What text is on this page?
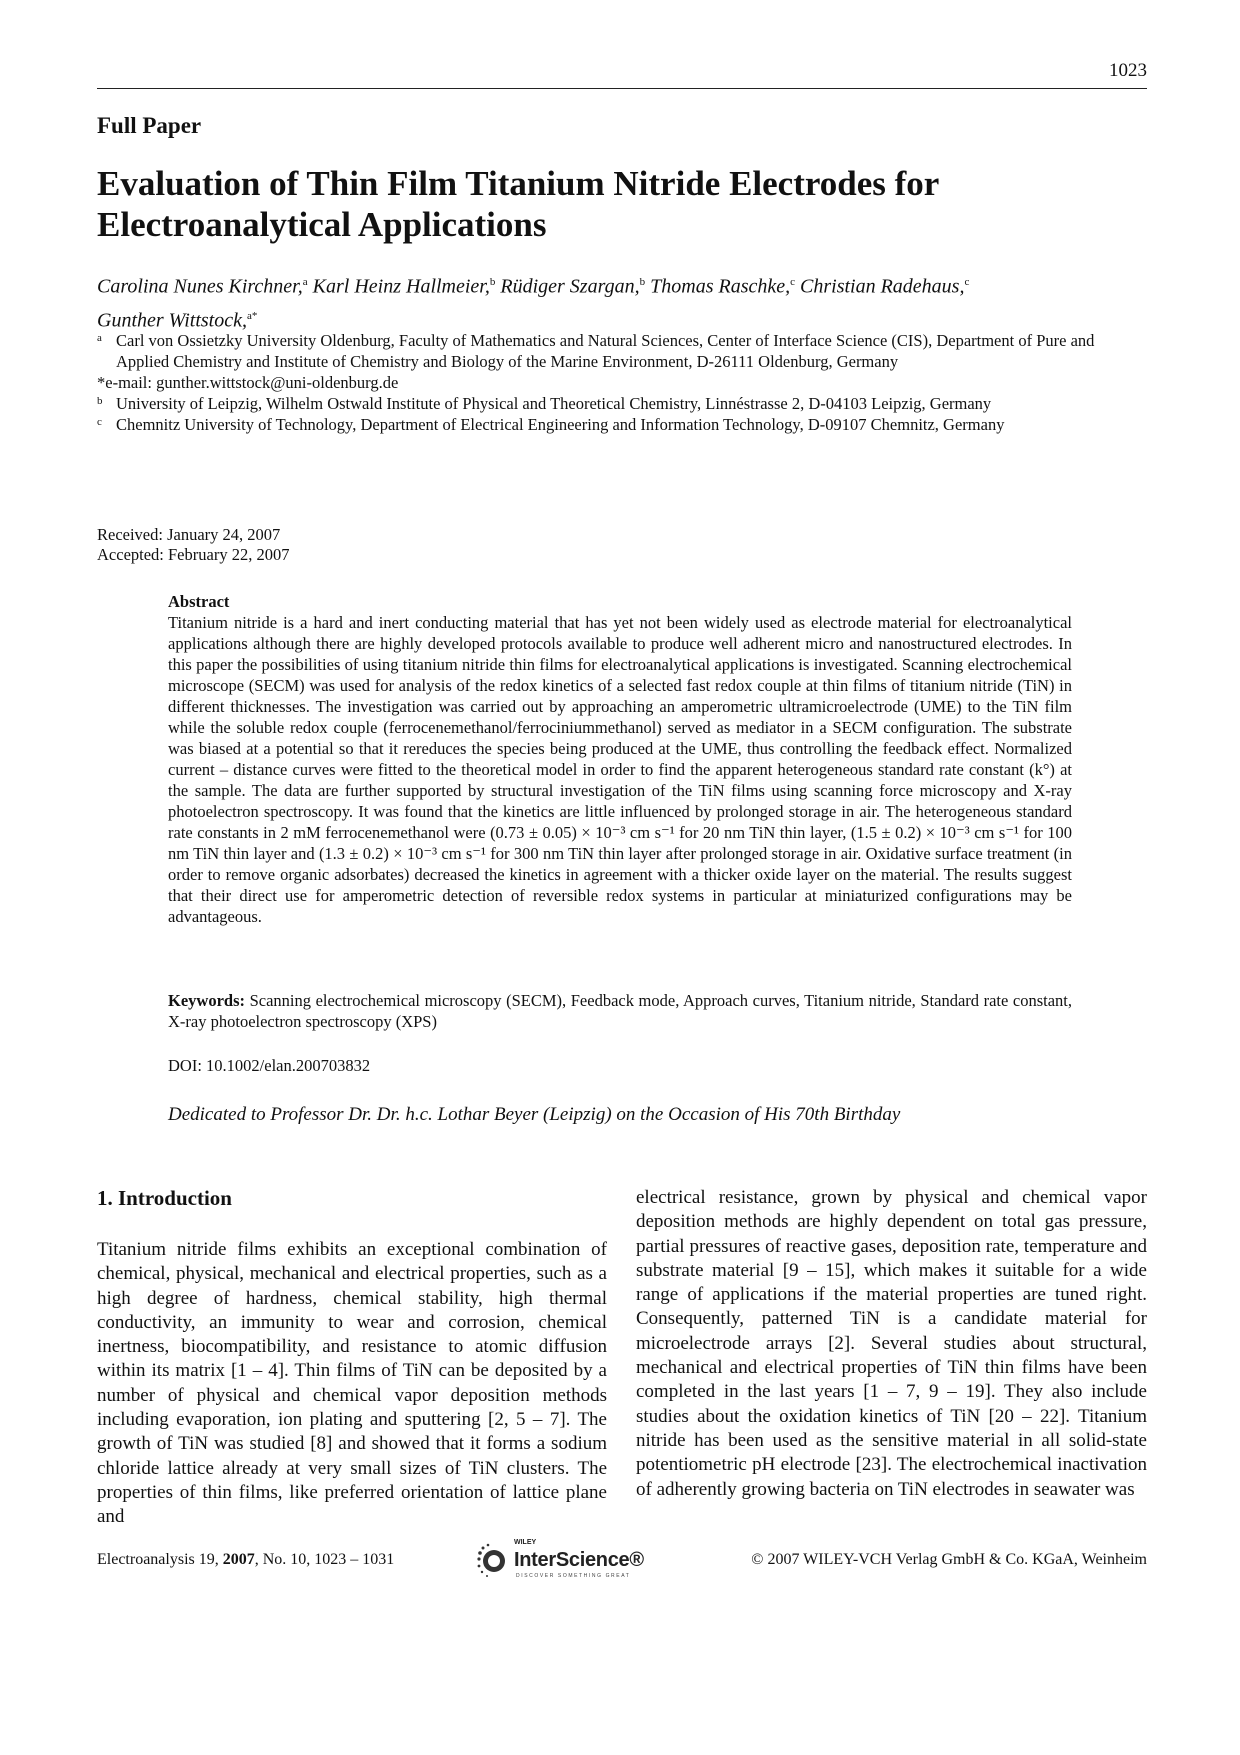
1023
Full Paper
Evaluation of Thin Film Titanium Nitride Electrodes for Electroanalytical Applications
Carolina Nunes Kirchner,$^a$ Karl Heinz Hallmeier,$^b$ Rüdiger Szargan,$^b$ Thomas Raschke,$^c$ Christian Radehaus,$^c$
Gunther Wittstock,$^{a*}$
a Carl von Ossietzky University Oldenburg, Faculty of Mathematics and Natural Sciences, Center of Interface Science (CIS), Department of Pure and Applied Chemistry and Institute of Chemistry and Biology of the Marine Environment, D-26111 Oldenburg, Germany
*e-mail: gunther.wittstock@uni-oldenburg.de
b University of Leipzig, Wilhelm Ostwald Institute of Physical and Theoretical Chemistry, Linnéstrasse 2, D-04103 Leipzig, Germany
c Chemnitz University of Technology, Department of Electrical Engineering and Information Technology, D-09107 Chemnitz, Germany
Received: January 24, 2007
Accepted: February 22, 2007
Abstract
Titanium nitride is a hard and inert conducting material that has yet not been widely used as electrode material for electroanalytical applications although there are highly developed protocols available to produce well adherent micro and nanostructured electrodes. In this paper the possibilities of using titanium nitride thin films for electroanalytical applications is investigated. Scanning electrochemical microscope (SECM) was used for analysis of the redox kinetics of a selected fast redox couple at thin films of titanium nitride (TiN) in different thicknesses. The investigation was carried out by approaching an amperometric ultramicroelectrode (UME) to the TiN film while the soluble redox couple (ferrocenemethanol/ferrociniummethanol) served as mediator in a SECM configuration. The substrate was biased at a potential so that it rereduces the species being produced at the UME, thus controlling the feedback effect. Normalized current – distance curves were fitted to the theoretical model in order to find the apparent heterogeneous standard rate constant (k°) at the sample. The data are further supported by structural investigation of the TiN films using scanning force microscopy and X-ray photoelectron spectroscopy. It was found that the kinetics are little influenced by prolonged storage in air. The heterogeneous standard rate constants in 2 mM ferrocenemethanol were (0.73 ± 0.05) × 10⁻³ cm s⁻¹ for 20 nm TiN thin layer, (1.5 ± 0.2) × 10⁻³ cm s⁻¹ for 100 nm TiN thin layer and (1.3 ± 0.2) × 10⁻³ cm s⁻¹ for 300 nm TiN thin layer after prolonged storage in air. Oxidative surface treatment (in order to remove organic adsorbates) decreased the kinetics in agreement with a thicker oxide layer on the material. The results suggest that their direct use for amperometric detection of reversible redox systems in particular at miniaturized configurations may be advantageous.
Keywords: Scanning electrochemical microscopy (SECM), Feedback mode, Approach curves, Titanium nitride, Standard rate constant, X-ray photoelectron spectroscopy (XPS)
DOI: 10.1002/elan.200703832
Dedicated to Professor Dr. Dr. h.c. Lothar Beyer (Leipzig) on the Occasion of His 70th Birthday
1. Introduction
Titanium nitride films exhibits an exceptional combination of chemical, physical, mechanical and electrical properties, such as a high degree of hardness, chemical stability, high thermal conductivity, an immunity to wear and corrosion, chemical inertness, biocompatibility, and resistance to atomic diffusion within its matrix [1 – 4]. Thin films of TiN can be deposited by a number of physical and chemical vapor deposition methods including evaporation, ion plating and sputtering [2, 5 – 7]. The growth of TiN was studied [8] and showed that it forms a sodium chloride lattice already at very small sizes of TiN clusters. The properties of thin films, like preferred orientation of lattice plane and
electrical resistance, grown by physical and chemical vapor deposition methods are highly dependent on total gas pressure, partial pressures of reactive gases, deposition rate, temperature and substrate material [9 – 15], which makes it suitable for a wide range of applications if the material properties are tuned right. Consequently, patterned TiN is a candidate material for microelectrode arrays [2]. Several studies about structural, mechanical and electrical properties of TiN thin films have been completed in the last years [1 – 7, 9 – 19]. They also include studies about the oxidation kinetics of TiN [20 – 22]. Titanium nitride has been used as the sensitive material in all solid-state potentiometric pH electrode [23]. The electrochemical inactivation of adherently growing bacteria on TiN electrodes in seawater was
Electroanalysis 19, 2007, No. 10, 1023 – 1031
WILEY
InterScience®
DISCOVER SOMETHING GREAT
© 2007 WILEY-VCH Verlag GmbH & Co. KGaA, Weinheim
